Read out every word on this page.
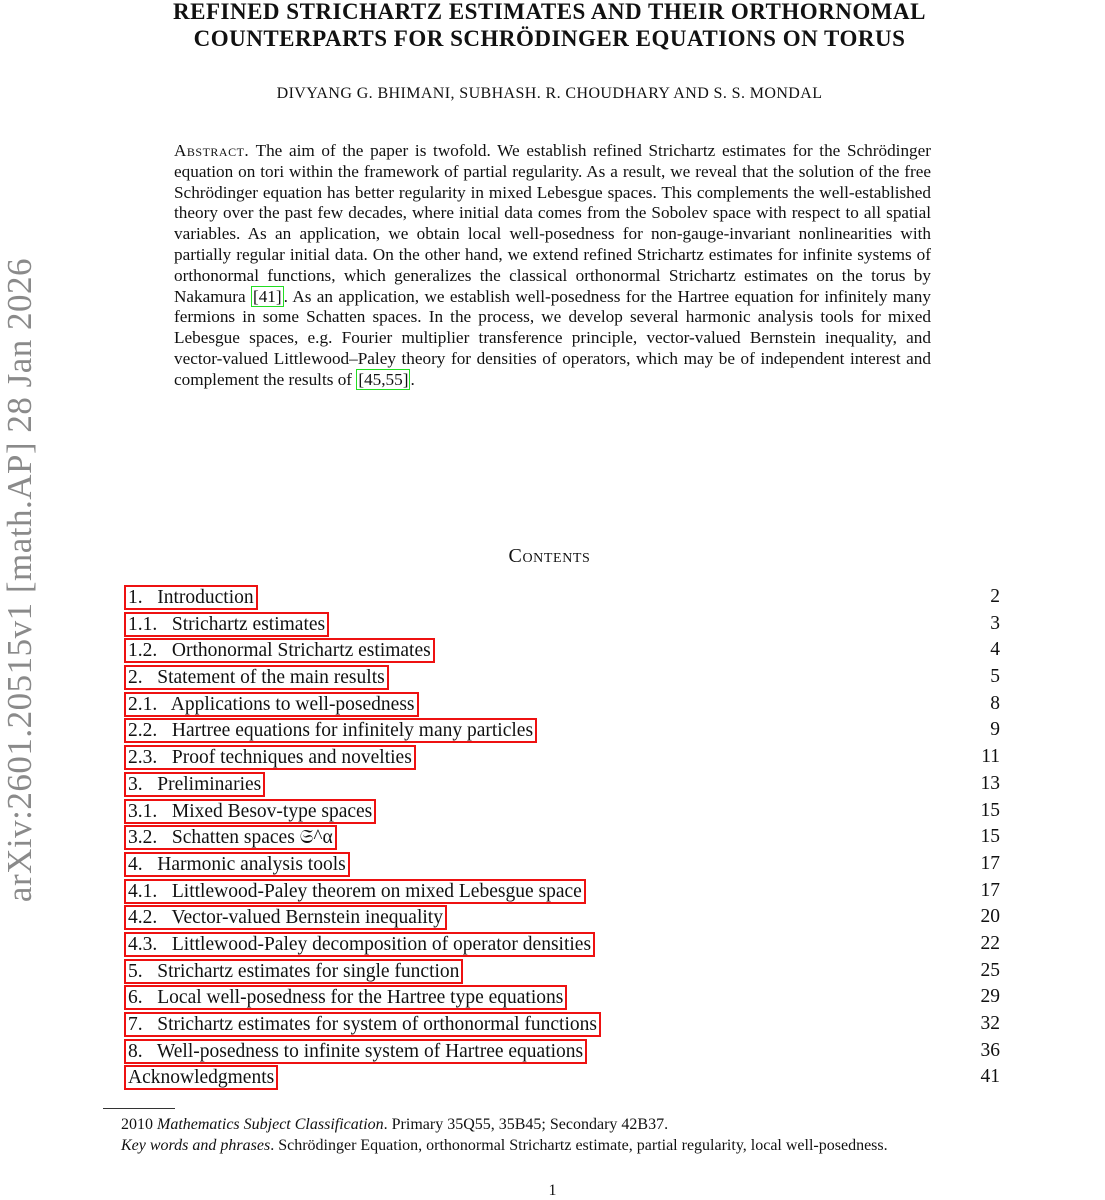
arXiv:2601.20515v1 [math.AP] 28 Jan 2026
REFINED STRICHARTZ ESTIMATES AND THEIR ORTHORNOMAL
COUNTERPARTS FOR SCHRÖDINGER EQUATIONS ON TORUS
DIVYANG G. BHIMANI, SUBHASH. R. CHOUDHARY AND S. S. MONDAL
Abstract. The aim of the paper is twofold. We establish refined Strichartz estimates for the Schrödinger equation on tori within the framework of partial regularity. As a result, we reveal that the solution of the free Schrödinger equation has better regularity in mixed Lebesgue spaces. This complements the well-established theory over the past few decades, where initial data comes from the Sobolev space with respect to all spatial variables. As an application, we obtain local well-posedness for non-gauge-invariant nonlinearities with partially regular initial data. On the other hand, we extend refined Strichartz estimates for infinite systems of orthonormal functions, which generalizes the classical orthonormal Strichartz estimates on the torus by Nakamura [41] . As an application, we establish well-posedness for the Hartree equation for infinitely many fermions in some Schatten spaces. In the process, we develop several harmonic analysis tools for mixed Lebesgue spaces, e.g. Fourier multiplier transference principle, vector-valued Bernstein inequality, and vector-valued Littlewood–Paley theory for densities of operators, which may be of independent interest and complement the results of [45,55] .
Contents
1.   Introduction	2
1.1.   Strichartz estimates	3
1.2.   Orthonormal Strichartz estimates	4
2.   Statement of the main results	5
2.1.   Applications to well-posedness	8
2.2.   Hartree equations for infinitely many particles	9
2.3.   Proof techniques and novelties	11
3.   Preliminaries	13
3.1.   Mixed Besov-type spaces	15
3.2.   Schatten spaces 𝔖^α	15
4.   Harmonic analysis tools	17
4.1.   Littlewood-Paley theorem on mixed Lebesgue space	17
4.2.   Vector-valued Bernstein inequality	20
4.3.   Littlewood-Paley decomposition of operator densities	22
5.   Strichartz estimates for single function	25
6.   Local well-posedness for the Hartree type equations	29
7.   Strichartz estimates for system of orthonormal functions	32
8.   Well-posedness to infinite system of Hartree equations	36
Acknowledgments	41

2010 Mathematics Subject Classification. Primary 35Q55, 35B45; Secondary 42B37.

Key words and phrases. Schrödinger Equation, orthonormal Strichartz estimate, partial regularity, local well-posedness.

1
